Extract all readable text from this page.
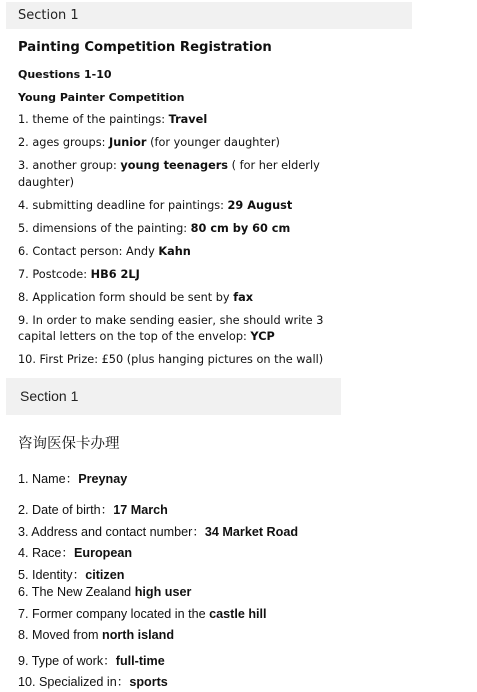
Section 1
Painting Competition Registration
Questions 1-10
Young Painter Competition
1. theme of the paintings: Travel
2. ages groups: Junior (for younger daughter)
3. another group: young teenagers ( for her elderly
daughter)
4. submitting deadline for paintings: 29 August
5. dimensions of the painting: 80 cm by 60 cm
6. Contact person: Andy Kahn
7. Postcode: HB6 2LJ
8. Application form should be sent by fax
9. In order to make sending easier, she should write 3
capital letters on the top of the envelop: YCP
10. First Prize: £50 (plus hanging pictures on the wall)
Section 1
咨询医保卡办理
1. Name：Preynay
2. Date of birth：17 March
3. Address and contact number：34 Market Road
4. Race：European
5. Identity：citizen
6. The New Zealand high user
7. Former company located in the castle hill
8. Moved from north island
9. Type of work：full-time
10. Specialized in：sports
